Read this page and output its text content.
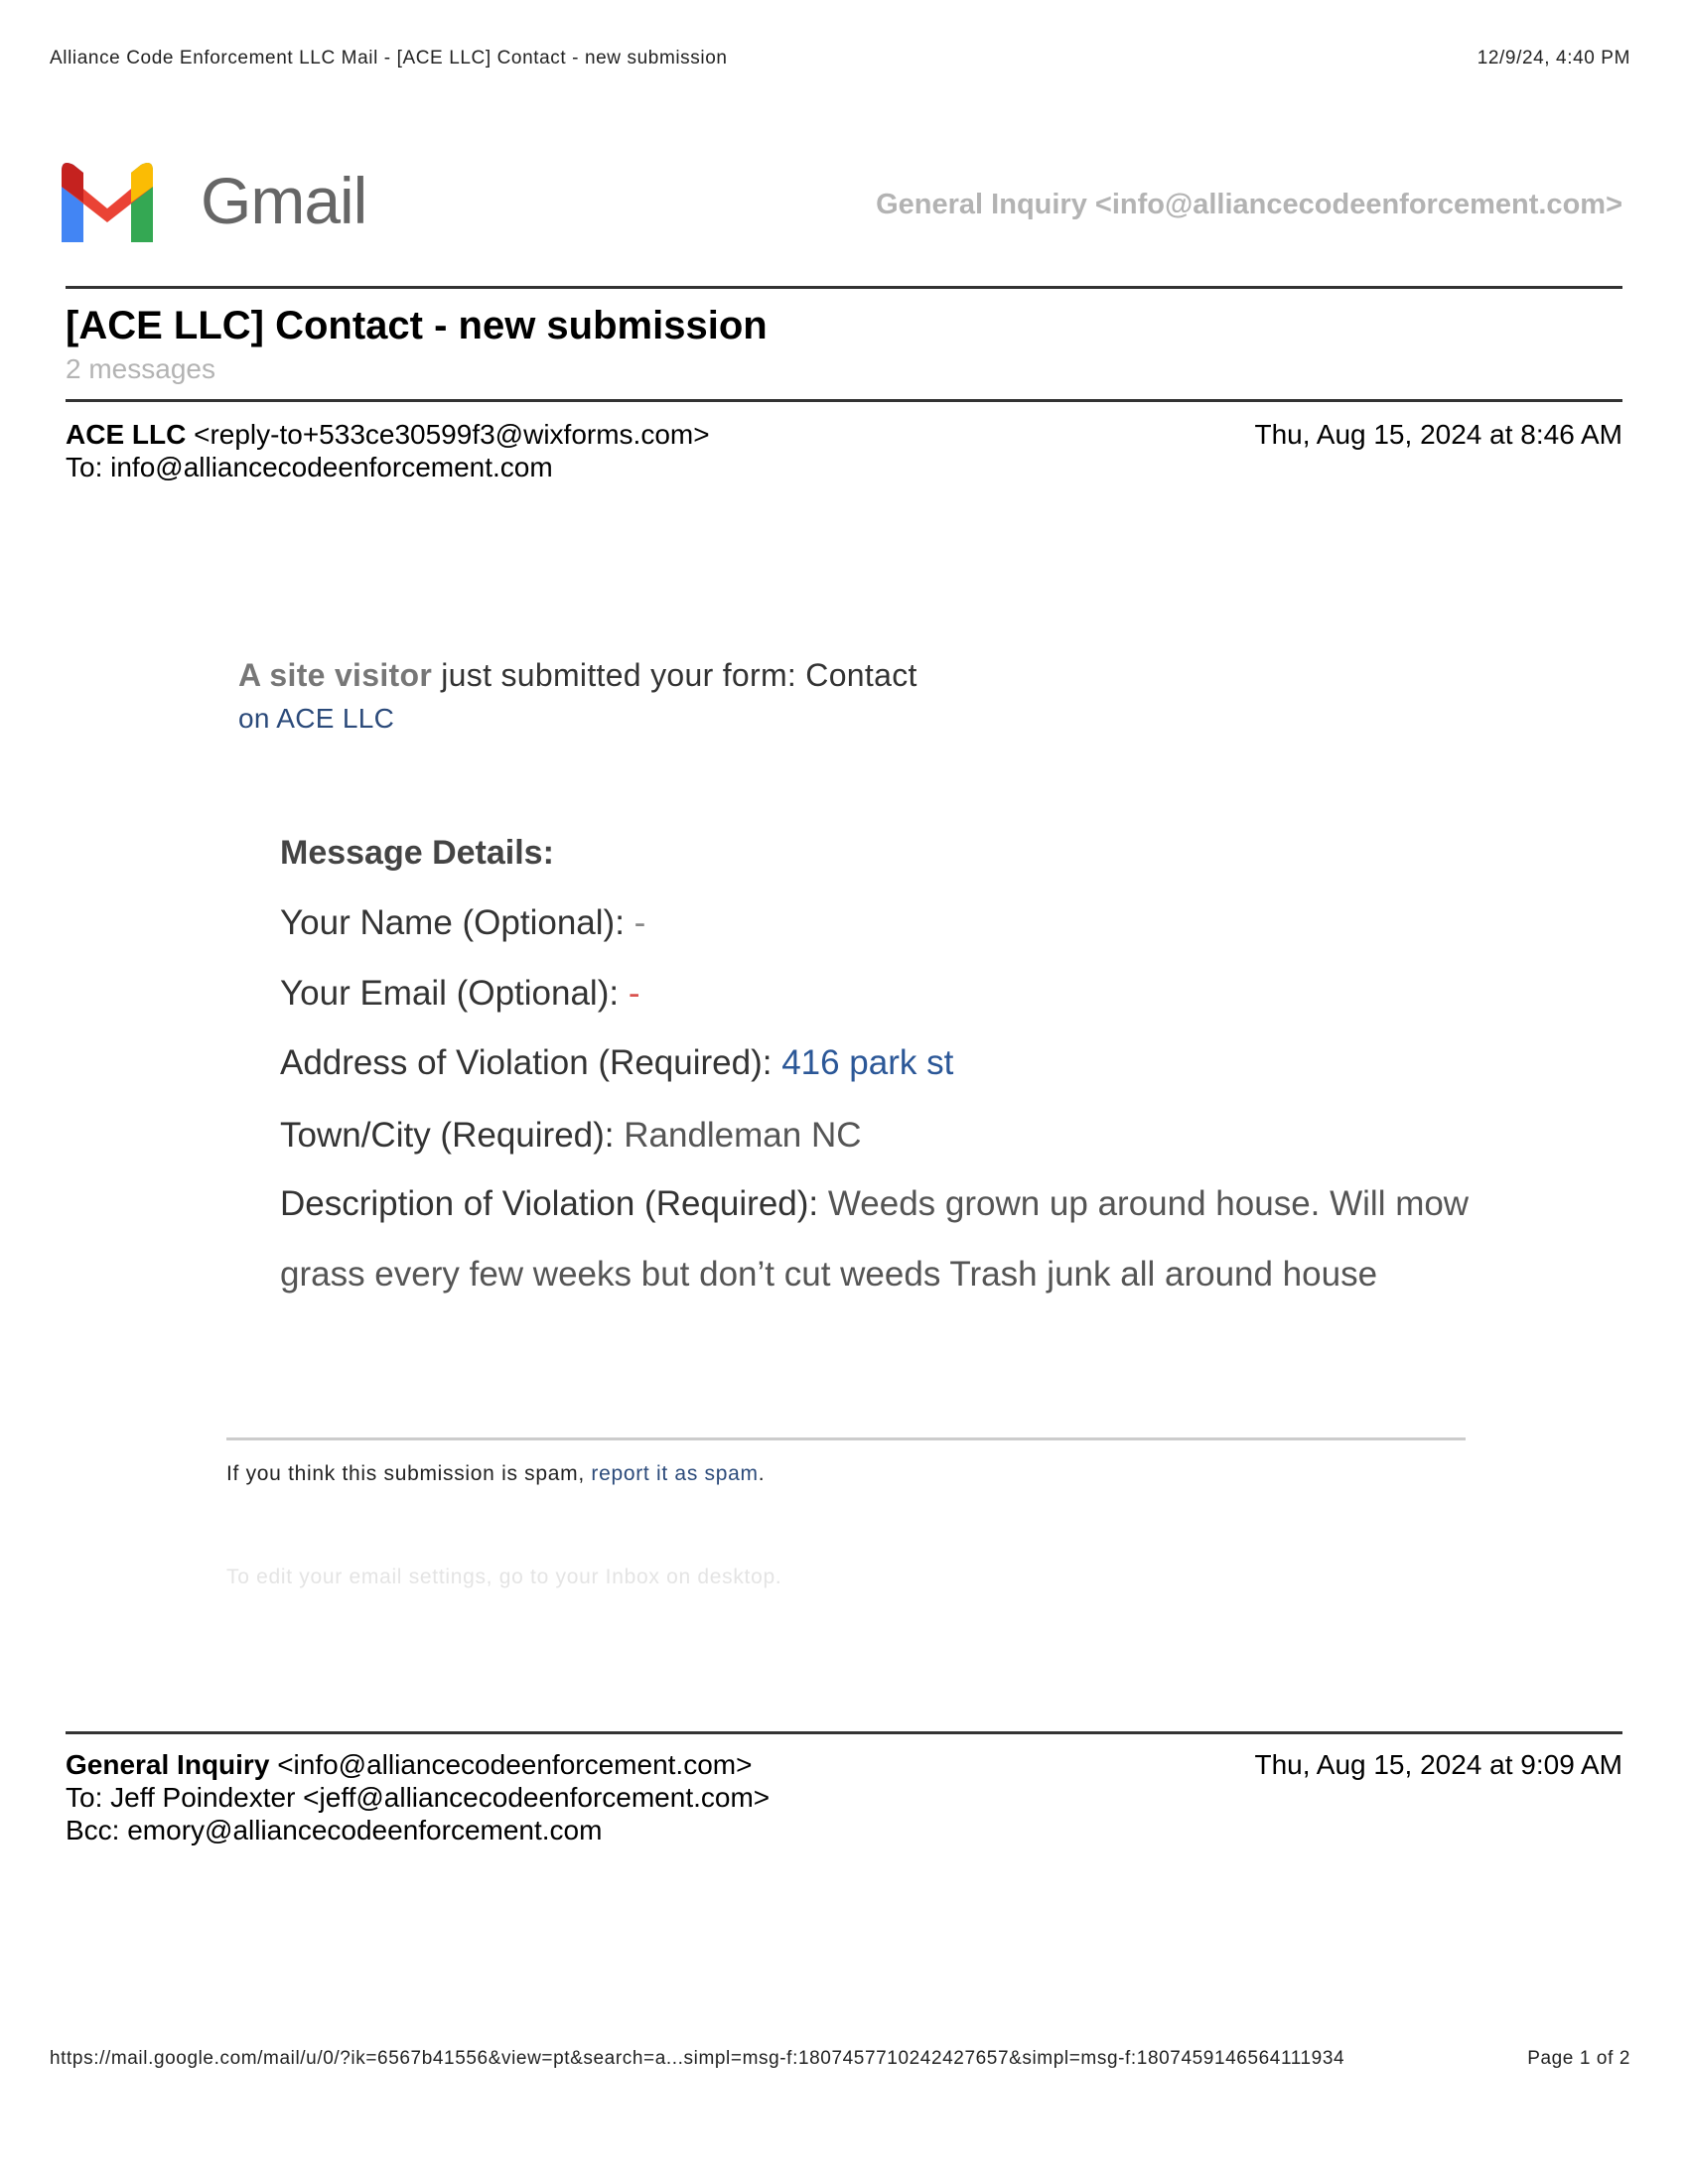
Alliance Code Enforcement LLC Mail - [ACE LLC] Contact - new submission	12/9/24, 4:40 PM
Gmail	General Inquiry <info@alliancecodeenforcement.com>
[ACE LLC] Contact - new submission
2 messages
ACE LLC <reply-to+533ce30599f3@wixforms.com>
To: info@alliancecodeenforcement.com
Thu, Aug 15, 2024 at 8:46 AM
A site visitor just submitted your form: Contact
on ACE LLC
Message Details:
Your Name (Optional): -
Your Email (Optional): -
Address of Violation (Required): 416 park st
Town/City (Required): Randleman NC
Description of Violation (Required): Weeds grown up around house. Will mow grass every few weeks but don’t cut weeds Trash junk all around house
If you think this submission is spam, report it as spam.
To edit your email settings, go to your Inbox on desktop.
General Inquiry <info@alliancecodeenforcement.com>
To: Jeff Poindexter <jeff@alliancecodeenforcement.com>
Bcc: emory@alliancecodeenforcement.com
Thu, Aug 15, 2024 at 9:09 AM
https://mail.google.com/mail/u/0/?ik=6567b41556&view=pt&search=a...simpl=msg-f:1807457710242427657&simpl=msg-f:1807459146564111934	Page 1 of 2
